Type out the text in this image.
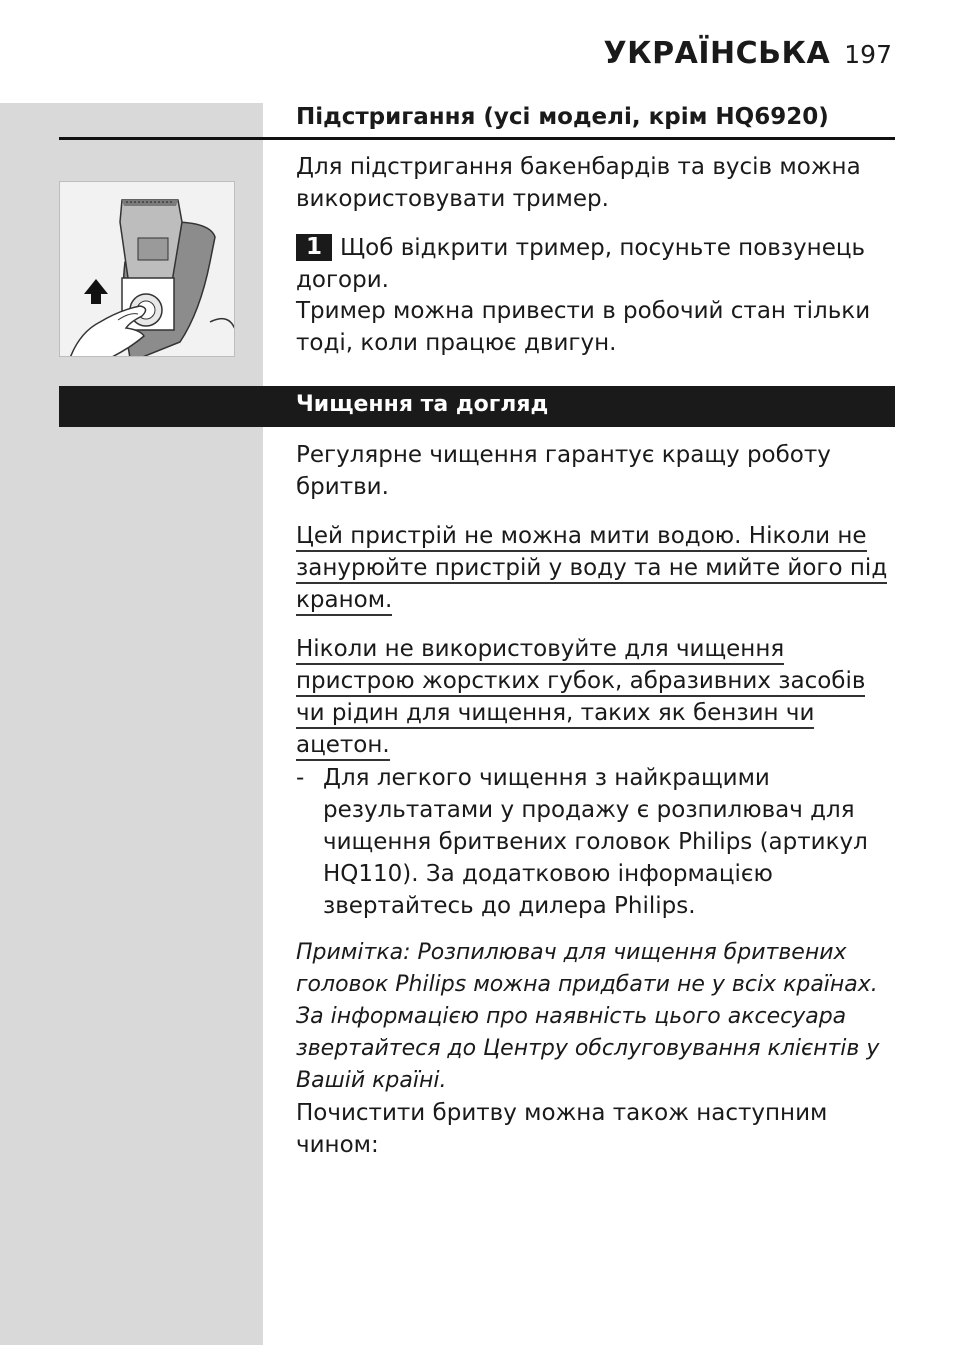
УКРАЇНСЬКА 197
Підстригання (усі моделі, крім HQ6920)

Для підстригання бакенбардів та вусів можна використовувати тример.

1 Щоб відкрити тример, посуньте повзунець догори.

Тример можна привести в робочий стан тільки тоді, коли працює двигун.

Чищення та догляд

Регулярне чищення гарантує кращу роботу бритви.

Цей пристрій не можна мити водою. Ніколи не
занурюйте пристрій у воду та не мийте його під
краном.
Ніколи не використовуйте для чищення
пристрою жорстких губок, абразивних засобів
чи рідин для чищення, таких як бензин чи
ацетон.
- Для легкого чищення з найкращими результатами у продажу є розпилювач для чищення бритвених головок Philips (артикул HQ110). За додатковою інформацією звертайтесь до дилера Philips.

Примітка: Розпилювач для чищення бритвених головок Philips можна придбати не у всіх країнах. За інформацією про наявність цього аксесуара звертайтеся до Центру обслуговування клієнтів у Вашій країні.

Почистити бритву можна також наступним чином:
